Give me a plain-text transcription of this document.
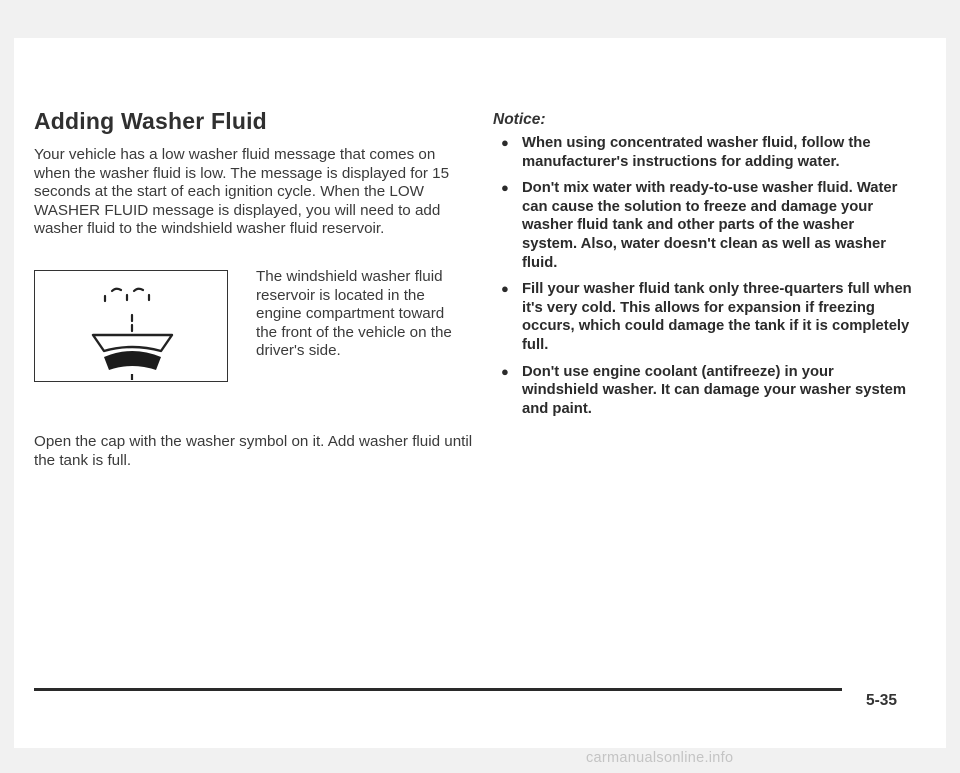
Adding Washer Fluid

Your vehicle has a low washer fluid message that comes on when the washer fluid is low. The message is displayed for 15 seconds at the start of each ignition cycle. When the LOW WASHER FLUID message is displayed, you will need to add washer fluid to the windshield washer fluid reservoir.

The windshield washer fluid reservoir is located in the engine compartment toward the front of the vehicle on the driver's side.

Open the cap with the washer symbol on it. Add washer fluid until the tank is full.

Notice:

● When using concentrated washer fluid, follow the manufacturer's instructions for adding water.
● Don't mix water with ready-to-use washer fluid. Water can cause the solution to freeze and damage your washer fluid tank and other parts of the washer system. Also, water doesn't clean as well as washer fluid.
● Fill your washer fluid tank only three-quarters full when it's very cold. This allows for expansion if freezing occurs, which could damage the tank if it is completely full.
● Don't use engine coolant (antifreeze) in your windshield washer. It can damage your washer system and paint.
5-35
carmanualsonline.info
